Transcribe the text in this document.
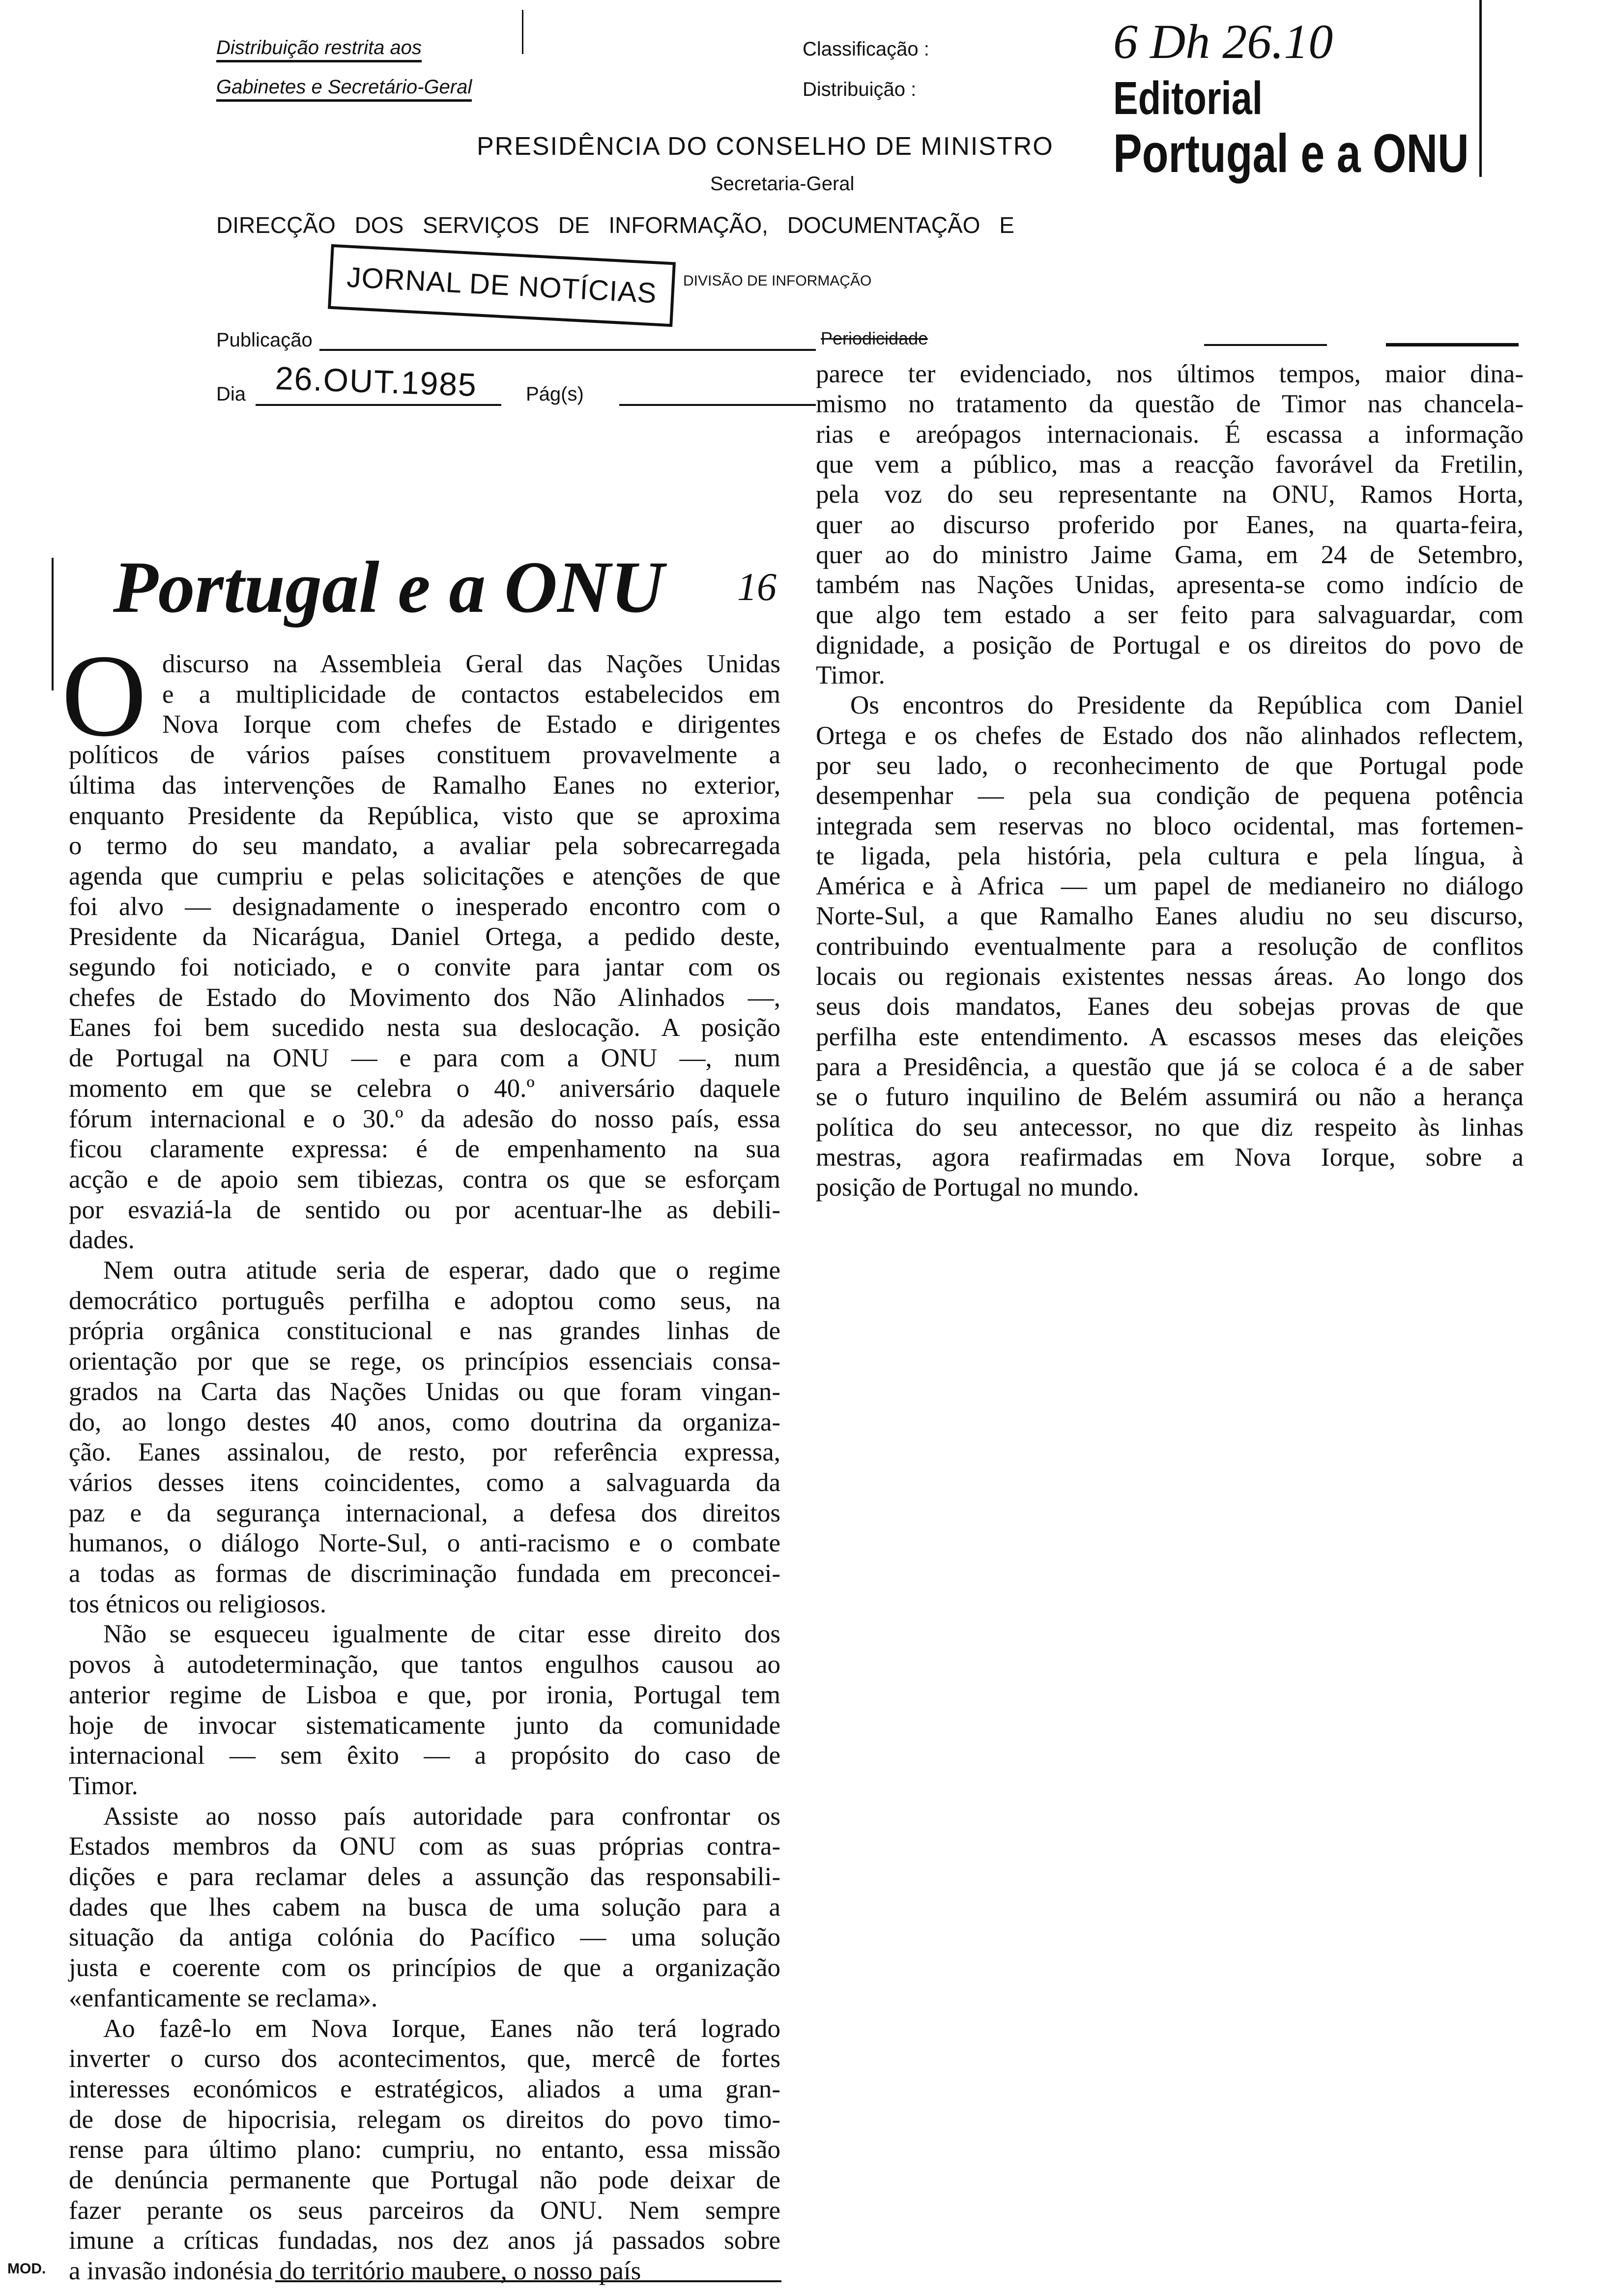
Distribuição restrita aos
Gabinetes e Secretário-Geral
Classificação :
Distribuição :
PRESIDÊNCIA DO CONSELHO DE MINISTRO
Secretaria-Geral
DIRECÇÃO DOS SERVIÇOS DE INFORMAÇÃO, DOCUMENTAÇÃO E
JORNAL DE NOTÍCIAS	DIVISÃO DE INFORMAÇÃO
Publicação	Periodicidade
Dia 26.OUT.1985 Pág(s)
6 Dh 26.10
Editorial
Portugal e a ONU
Portugal e a ONU 16
O discurso na Assembleia Geral das Nações Unidas
e a multiplicidade de contactos estabelecidos em
Nova Iorque com chefes de Estado e dirigentes
políticos de vários países constituem provavelmente a
última das intervenções de Ramalho Eanes no exterior,
enquanto Presidente da República, visto que se aproxima
o termo do seu mandato, a avaliar pela sobrecarregada
agenda que cumpriu e pelas solicitações e atenções de que
foi alvo — designadamente o inesperado encontro com o
Presidente da Nicarágua, Daniel Ortega, a pedido deste,
segundo foi noticiado, e o convite para jantar com os
chefes de Estado do Movimento dos Não Alinhados —,
Eanes foi bem sucedido nesta sua deslocação. A posição
de Portugal na ONU — e para com a ONU —, num
momento em que se celebra o 40.º aniversário daquele
fórum internacional e o 30.º da adesão do nosso país, essa
ficou claramente expressa: é de empenhamento na sua
acção e de apoio sem tibiezas, contra os que se esforçam
por esvaziá-la de sentido ou por acentuar-lhe as debili-
dades.
Nem outra atitude seria de esperar, dado que o regime
democrático português perfilha e adoptou como seus, na
própria orgânica constitucional e nas grandes linhas de
orientação por que se rege, os princípios essenciais consa-
grados na Carta das Nações Unidas ou que foram vingan-
do, ao longo destes 40 anos, como doutrina da organiza-
ção. Eanes assinalou, de resto, por referência expressa,
vários desses itens coincidentes, como a salvaguarda da
paz e da segurança internacional, a defesa dos direitos
humanos, o diálogo Norte-Sul, o anti-racismo e o combate
a todas as formas de discriminação fundada em preconcei-
tos étnicos ou religiosos.
Não se esqueceu igualmente de citar esse direito dos
povos à autodeterminação, que tantos engulhos causou ao
anterior regime de Lisboa e que, por ironia, Portugal tem
hoje de invocar sistematicamente junto da comunidade
internacional — sem êxito — a propósito do caso de
Timor.
Assiste ao nosso país autoridade para confrontar os
Estados membros da ONU com as suas próprias contra-
dições e para reclamar deles a assunção das responsabili-
dades que lhes cabem na busca de uma solução para a
situação da antiga colónia do Pacífico — uma solução
justa e coerente com os princípios de que a organização
«enfanticamente se reclama».
Ao fazê-lo em Nova Iorque, Eanes não terá logrado
inverter o curso dos acontecimentos, que, mercê de fortes
interesses económicos e estratégicos, aliados a uma gran-
de dose de hipocrisia, relegam os direitos do povo timo-
rense para último plano: cumpriu, no entanto, essa missão
de denúncia permanente que Portugal não pode deixar de
fazer perante os seus parceiros da ONU. Nem sempre
imune a críticas fundadas, nos dez anos já passados sobre
a invasão indonésia do território maubere, o nosso país
parece ter evidenciado, nos últimos tempos, maior dina-
mismo no tratamento da questão de Timor nas chancela-
rias e areópagos internacionais. É escassa a informação
que vem a público, mas a reacção favorável da Fretilin,
pela voz do seu representante na ONU, Ramos Horta,
quer ao discurso proferido por Eanes, na quarta-feira,
quer ao do ministro Jaime Gama, em 24 de Setembro,
também nas Nações Unidas, apresenta-se como indício de
que algo tem estado a ser feito para salvaguardar, com
dignidade, a posição de Portugal e os direitos do povo de
Timor.
Os encontros do Presidente da República com Daniel
Ortega e os chefes de Estado dos não alinhados reflectem,
por seu lado, o reconhecimento de que Portugal pode
desempenhar — pela sua condição de pequena potência
integrada sem reservas no bloco ocidental, mas fortemen-
te ligada, pela história, pela cultura e pela língua, à
América e à Africa — um papel de medianeiro no diálogo
Norte-Sul, a que Ramalho Eanes aludiu no seu discurso,
contribuindo eventualmente para a resolução de conflitos
locais ou regionais existentes nessas áreas. Ao longo dos
seus dois mandatos, Eanes deu sobejas provas de que
perfilha este entendimento. A escassos meses das eleições
para a Presidência, a questão que já se coloca é a de saber
se o futuro inquilino de Belém assumirá ou não a herança
política do seu antecessor, no que diz respeito às linhas
mestras, agora reafirmadas em Nova Iorque, sobre a
posição de Portugal no mundo.
MOD.
